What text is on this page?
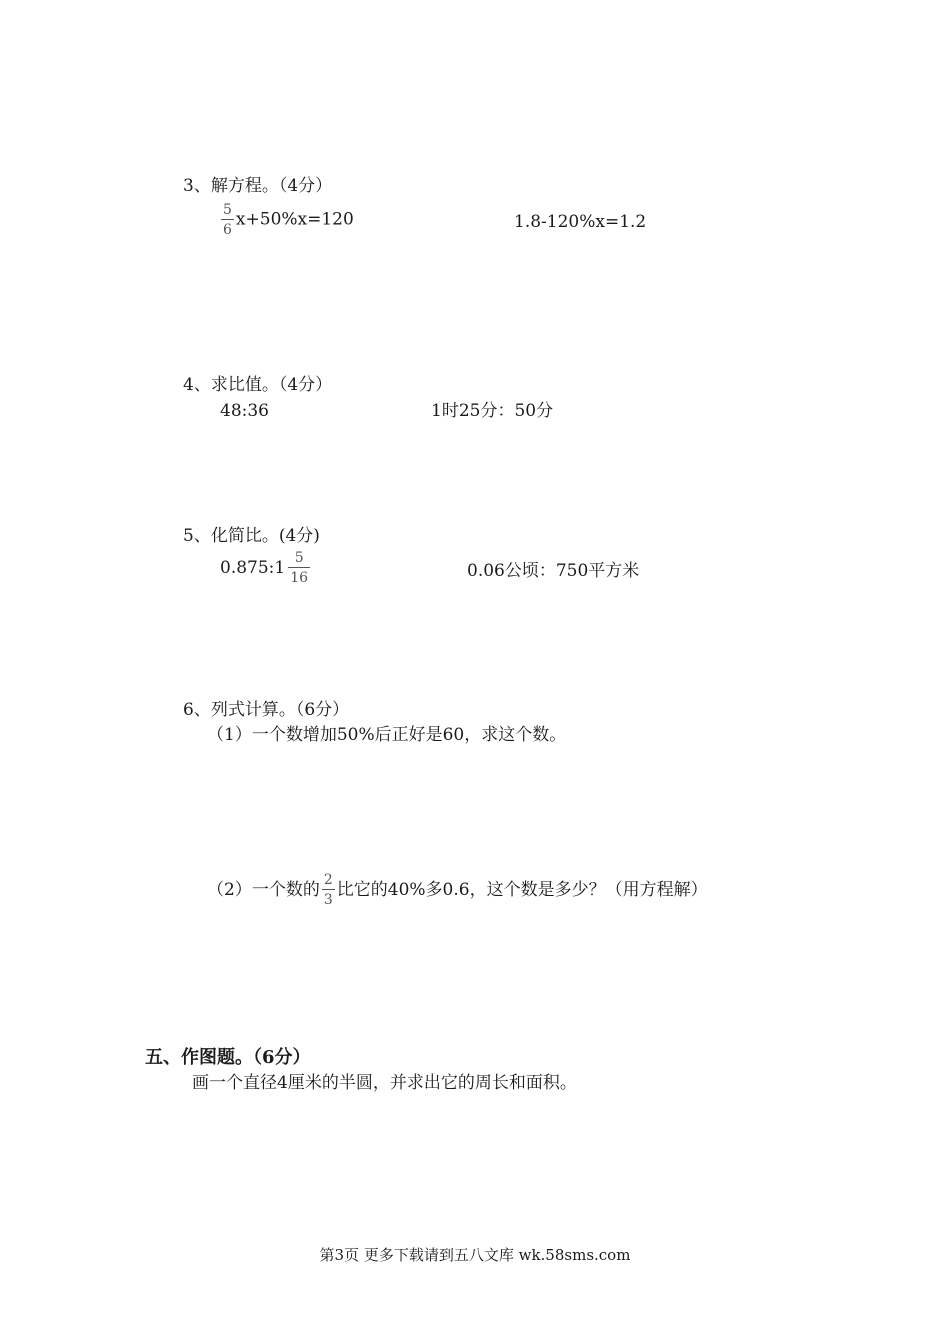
3、解方程。（4分）
$\frac{5}{6} x+50\%x=120$	1.8-120%x=1.2
4、求比值。（4分）
48:36	1时25分：50分
5、化简比。(4分)
0.875: $1 \frac{5}{16}$	0.06公顷：750平方米
6、列式计算。（6分）
（1）一个数增加50%后正好是60，求这个数。
（2）一个数的 $\frac{2}{3}$ 比它的40%多0.6，这个数是多少？（用方程解）
五、作图题。（6分）
画一个直径4厘米的半圆，并求出它的周长和面积。
第3页 更多下载请到五八文库 wk.58sms.com
